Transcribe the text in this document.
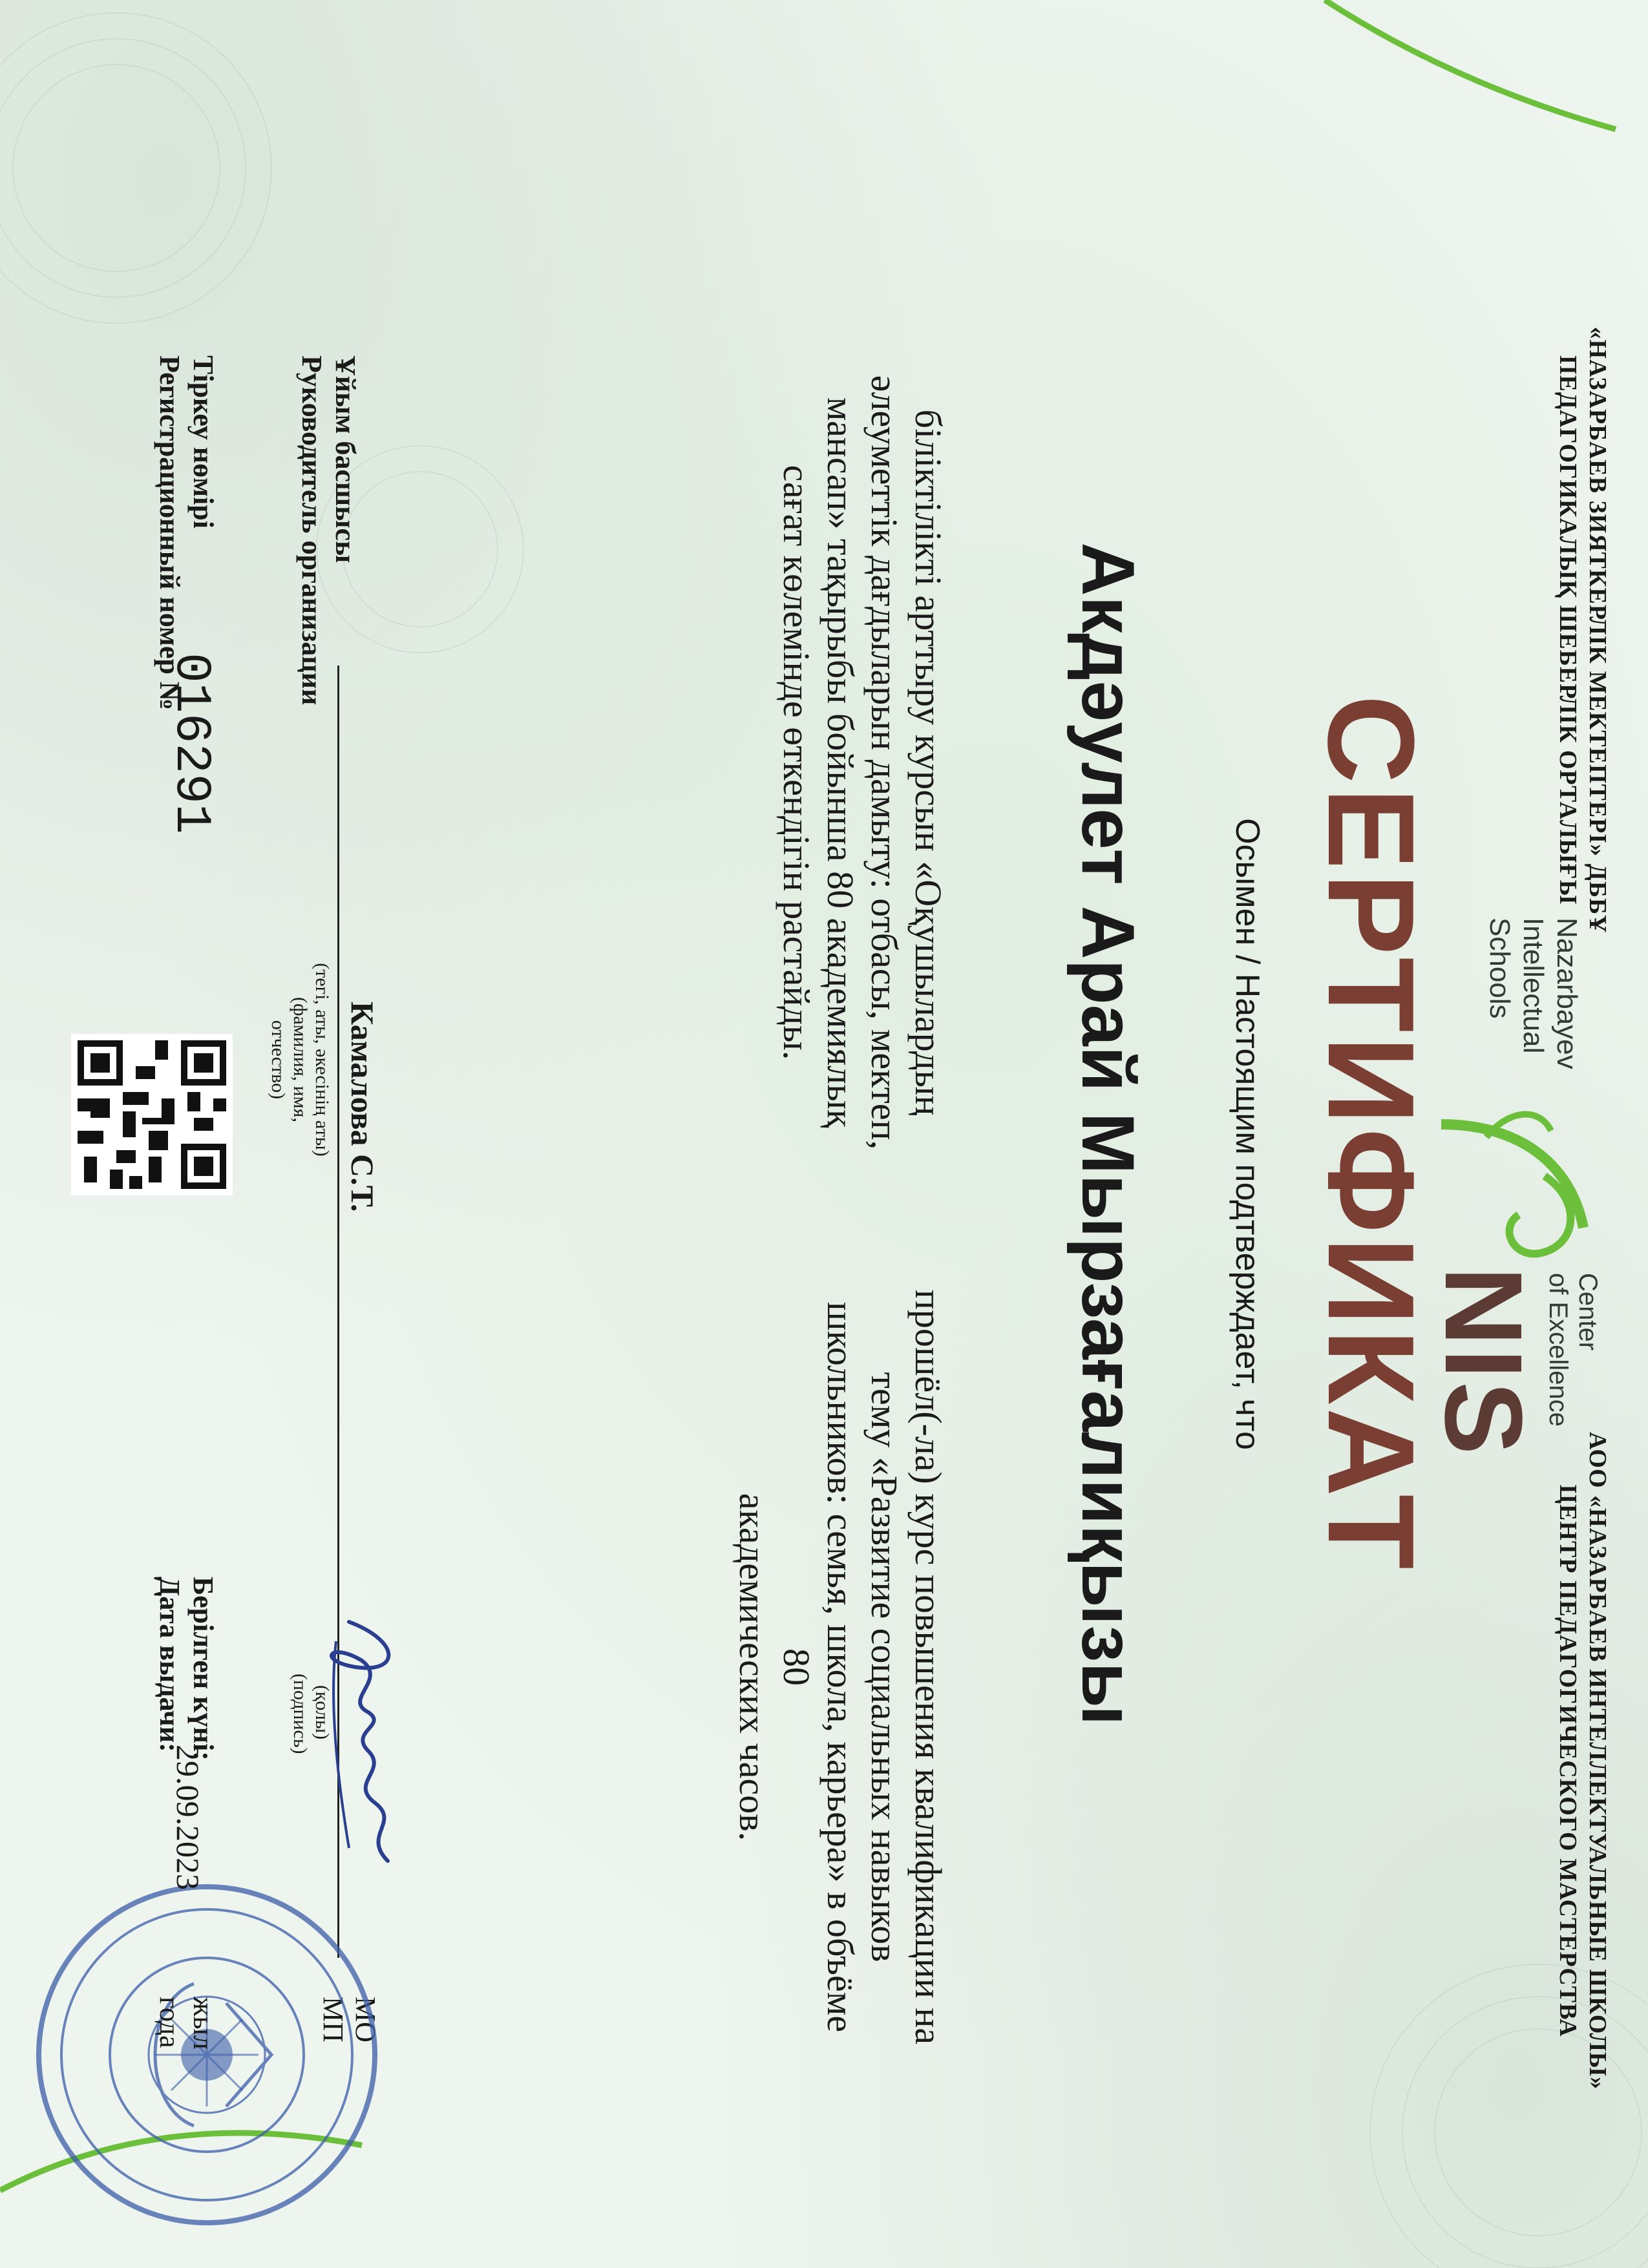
«НАЗАРБАЕВ ЗИЯТКЕРЛІК МЕКТЕПТЕРІ» ДББҰ ПЕДАГОГИКАЛЫҚ ШЕБЕРЛІК ОРТАЛЫҒЫ
АОО «НАЗАРБАЕВ ИНТЕЛЛЕКТУАЛЬНЫЕ ШКОЛЫ» ЦЕНТР ПЕДАГОГИЧЕСКОГО МАСТЕРСТВА
Nazarbayev
Intellectual
Schools
NIS Center
of Excellence
СЕРТИФИКАТ
Осымен / Настоящим подтверждает, что
Акдәулет Арай Мырзағалиқызы
біліктілікті арттыру курсын «Оқушылардың
әлеуметтік дағдыларын дамыту: отбасы, мектеп,
мансап» тақырыбы бойынша 80 академиялық
сағат көлемінде өткендігін растайды.
прошёл(-ла) курс повышения квалификации на
тему «Развитие социальных навыков
школьников: семья, школа, карьера» в объёме 80
академических часов.
Ұйым басшысы
Руководитель организации
Камалова С.Т.
(тегі, аты, әкесінің аты)
(фамилия, имя, отчество)
(қолы)
(подпись)
МО
МП
Тіркеу нөмірі
Регистрационный номер №
016291
Берілген күні:
Дата выдачи:
29.09.2023
жыл
года
